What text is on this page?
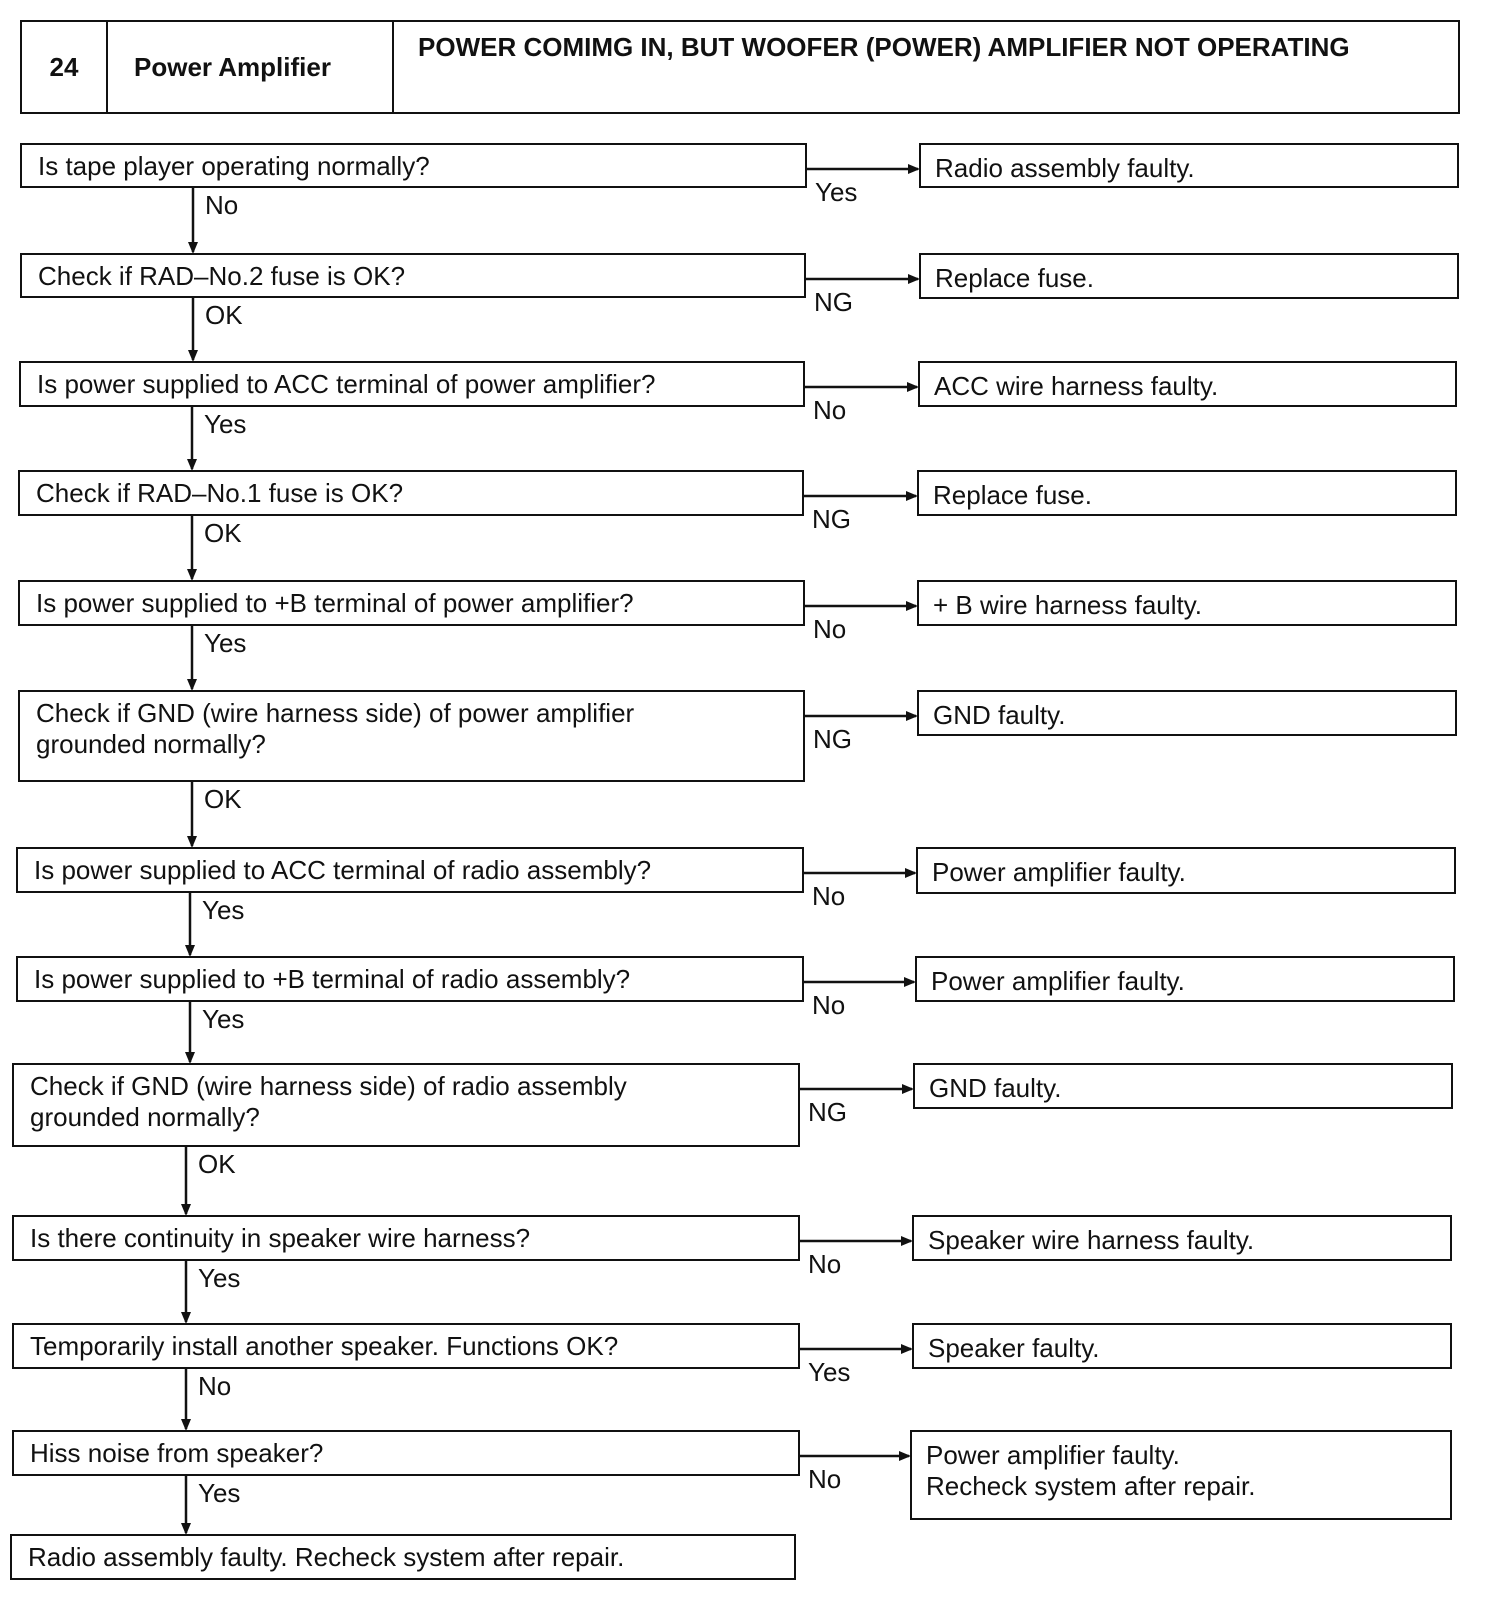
24	Power Amplifier
POWER COMIMG IN, BUT WOOFER (POWER) AMPLIFIER NOT OPERATING
Is tape player operating normally?	Radio assembly faulty.
Yes
No
Check if RAD–No.2 fuse is OK?	Replace fuse.
NG
OK
Is power supplied to ACC terminal of power amplifier?	ACC wire harness faulty.
No
Yes
Check if RAD–No.1 fuse is OK?	Replace fuse.
NG
OK
Is power supplied to +B terminal of power amplifier?	+ B wire harness faulty.
No
Yes
Check if GND (wire harness side) of power amplifier
grounded normally?
GND faulty.
NG
OK
Is power supplied to ACC terminal of radio assembly?	Power amplifier faulty.
No
Yes
Is power supplied to +B terminal of radio assembly?	Power amplifier faulty.
No
Yes
Check if GND (wire harness side) of radio assembly
grounded normally?
GND faulty.
NG
OK
Is there continuity in speaker wire harness?	Speaker wire harness faulty.
No
Yes
Temporarily install another speaker. Functions OK?	Speaker faulty.
Yes
No
Hiss noise from speaker?	Power amplifier faulty.
Recheck system after repair.
No
Yes
Radio assembly faulty. Recheck system after repair.
